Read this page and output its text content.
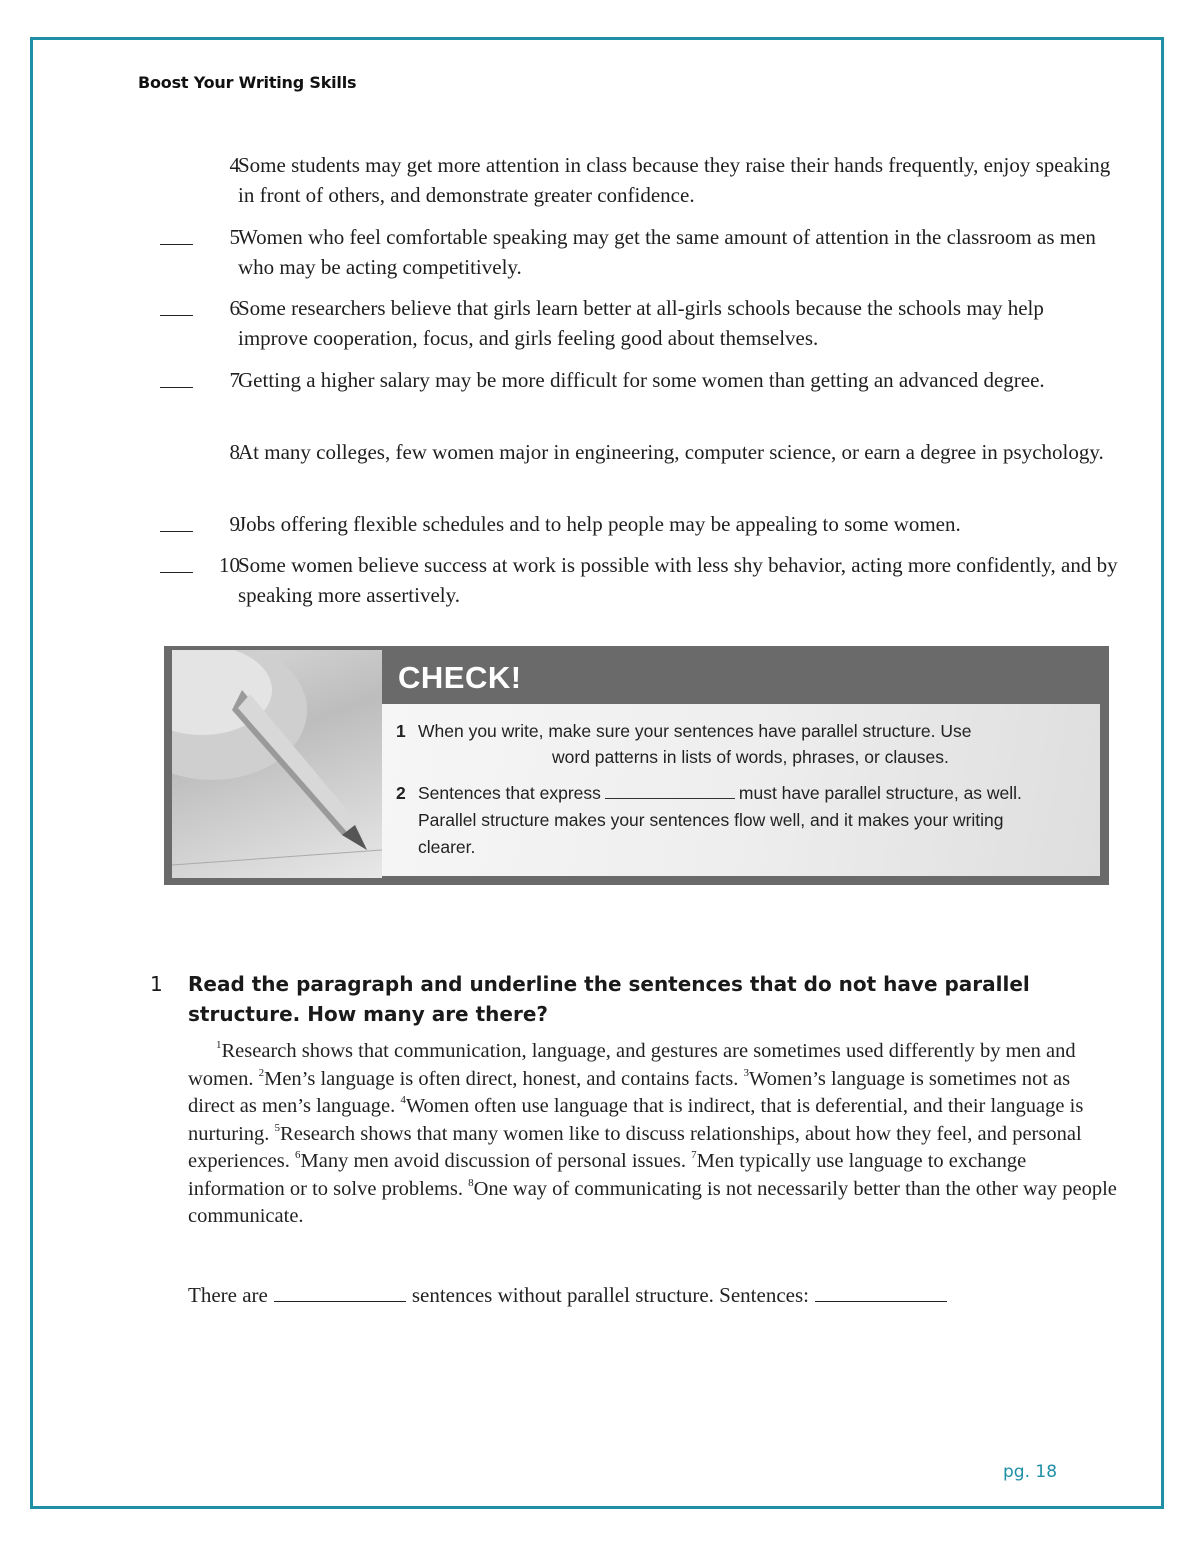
Boost Your Writing Skills
4
Some students may get more attention in class because they raise their hands frequently, enjoy speaking in front of others, and demonstrate greater confidence.
5
Women who feel comfortable speaking may get the same amount of attention in the classroom as men who may be acting competitively.
6
Some researchers believe that girls learn better at all-girls schools because the schools may help improve cooperation, focus, and girls feeling good about themselves.
7
Getting a higher salary may be more difficult for some women than getting an advanced degree.
8
At many colleges, few women major in engineering, computer science, or earn a degree in psychology.
9
Jobs offering flexible schedules and to help people may be appealing to some women.
10
Some women believe success at work is possible with less shy behavior, acting more confidently, and by speaking more assertively.
CHECK!
1 When you write, make sure your sentences have parallel structure. Use
word patterns in lists of words, phrases, or clauses.
2 Sentences that express	must have parallel structure, as well.
Parallel structure makes your sentences flow well, and it makes your writing
clearer.
1 Read the paragraph and underline the sentences that do not have parallel structure. How many are there?
$^1$Research shows that communication, language, and gestures are sometimes used differently by men and women. $^2$Men’s language is often direct, honest, and contains facts. $^3$Women’s language is sometimes not as direct as men’s language. $^4$Women often use language that is indirect, that is deferential, and their language is nurturing. $^5$Research shows that many women like to discuss relationships, about how they feel, and personal experiences. $^6$Many men avoid discussion of personal issues. $^7$Men typically use language to exchange information or to solve problems. $^8$One way of communicating is not necessarily better than the other way people communicate.
There are	sentences without parallel structure. Sentences:
pg. 18
